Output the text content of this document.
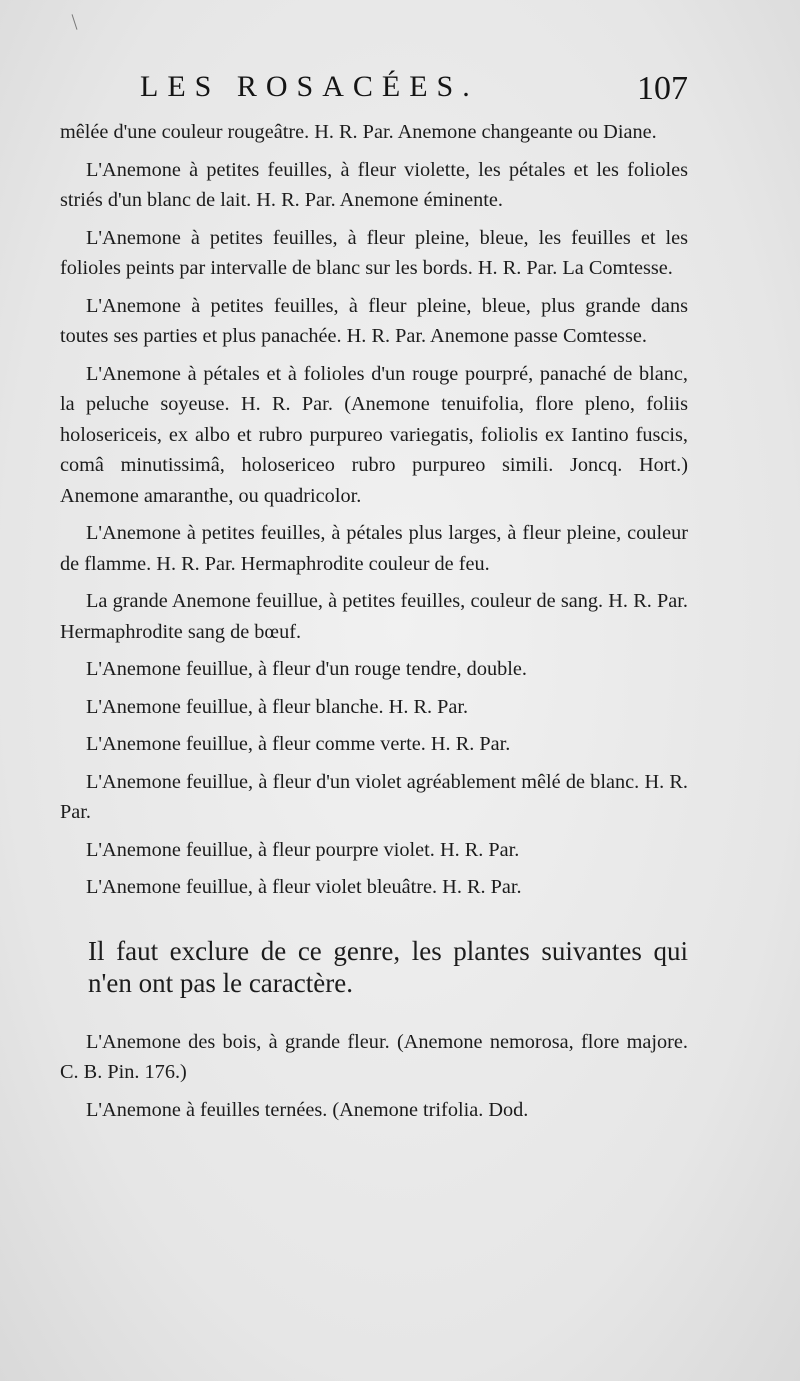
LES ROSACÉES.	107

mêlée d'une couleur rougeâtre. H. R. Par. Anemone changeante ou Diane.

L'Anemone à petites feuilles, à fleur violette, les pétales et les folioles striés d'un blanc de lait. H. R. Par. Anemone éminente.

L'Anemone à petites feuilles, à fleur pleine, bleue, les feuilles et les folioles peints par intervalle de blanc sur les bords. H. R. Par. La Comtesse.

L'Anemone à petites feuilles, à fleur pleine, bleue, plus grande dans toutes ses parties et plus panachée. H. R. Par. Anemone passe Comtesse.

L'Anemone à pétales et à folioles d'un rouge pourpré, panaché de blanc, la peluche soyeuse. H. R. Par. (Anemone tenuifolia, flore pleno, foliis holosericeis, ex albo et rubro purpureo variegatis, foliolis ex Iantino fuscis, comâ minutissimâ, holosericeo rubro purpureo simili. Joncq. Hort.) Anemone amaranthe, ou quadricolor.

L'Anemone à petites feuilles, à pétales plus larges, à fleur pleine, couleur de flamme. H. R. Par. Hermaphrodite couleur de feu.

La grande Anemone feuillue, à petites feuilles, couleur de sang. H. R. Par. Hermaphrodite sang de bœuf.

L'Anemone feuillue, à fleur d'un rouge tendre, double.

L'Anemone feuillue, à fleur blanche. H. R. Par.

L'Anemone feuillue, à fleur comme verte. H. R. Par.

L'Anemone feuillue, à fleur d'un violet agréablement mêlé de blanc. H. R. Par.

L'Anemone feuillue, à fleur pourpre violet. H. R. Par.

L'Anemone feuillue, à fleur violet bleuâtre. H. R. Par.

Il faut exclure de ce genre, les plantes suivantes qui n'en ont pas le caractère.

L'Anemone des bois, à grande fleur. (Anemone nemorosa, flore majore. C. B. Pin. 176.)

L'Anemone à feuilles ternées. (Anemone trifolia. Dod.
